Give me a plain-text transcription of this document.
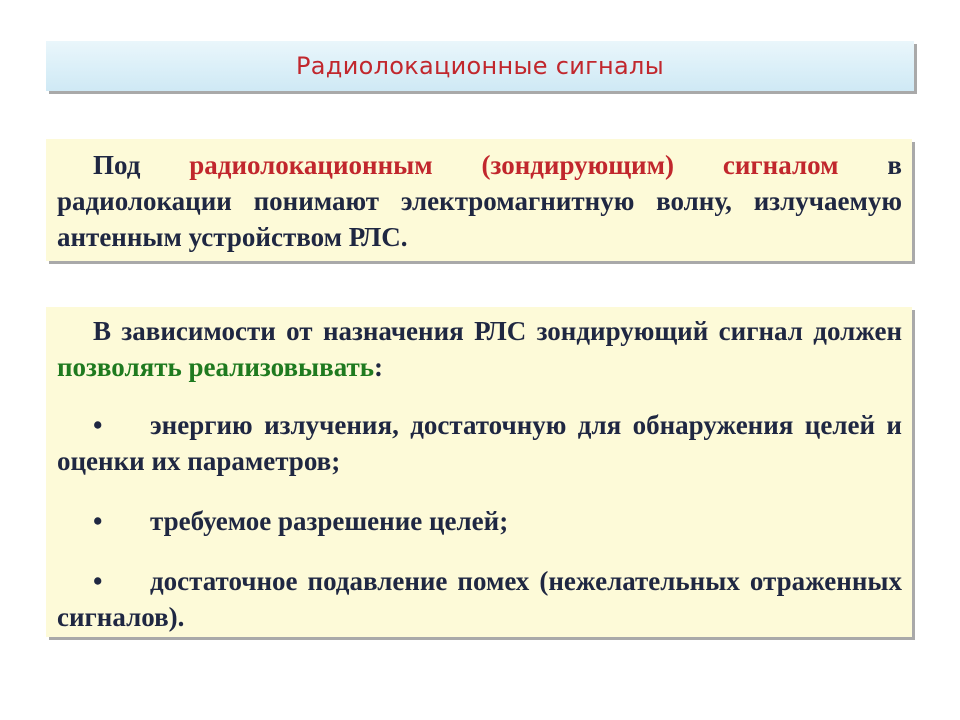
Радиолокационные сигналы

Под радиолокационным (зондирующим) сигналом в радиолокации понимают электромагнитную волну, излучаемую антенным устройством РЛС.

В зависимости от назначения РЛС зондирующий сигнал должен позволять реализовывать:

• энергию излучения, достаточную для обнаружения целей и оценки их параметров;

• требуемое разрешение целей;

• достаточное подавление помех (нежелательных отраженных сигналов).
